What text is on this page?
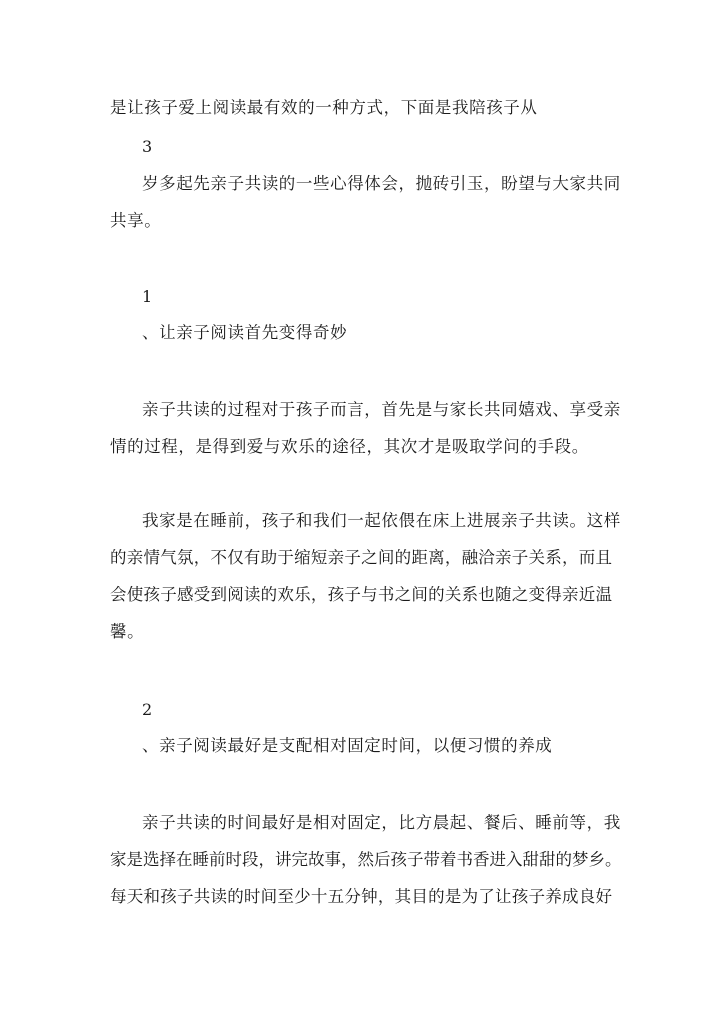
是让孩子爱上阅读最有效的一种方式，下面是我陪孩子从
3
岁多起先亲子共读的一些心得体会，抛砖引玉，盼望与大家共同
共享。
1
、让亲子阅读首先变得奇妙
亲子共读的过程对于孩子而言，首先是与家长共同嬉戏、享受亲
情的过程，是得到爱与欢乐的途径，其次才是吸取学问的手段。
我家是在睡前，孩子和我们一起依偎在床上进展亲子共读。这样
的亲情气氛，不仅有助于缩短亲子之间的距离，融洽亲子关系，而且
会使孩子感受到阅读的欢乐，孩子与书之间的关系也随之变得亲近温
馨。
2
、亲子阅读最好是支配相对固定时间，以便习惯的养成
亲子共读的时间最好是相对固定，比方晨起、餐后、睡前等，我
家是选择在睡前时段，讲完故事，然后孩子带着书香进入甜甜的梦乡。
每天和孩子共读的时间至少十五分钟，其目的是为了让孩子养成良好
